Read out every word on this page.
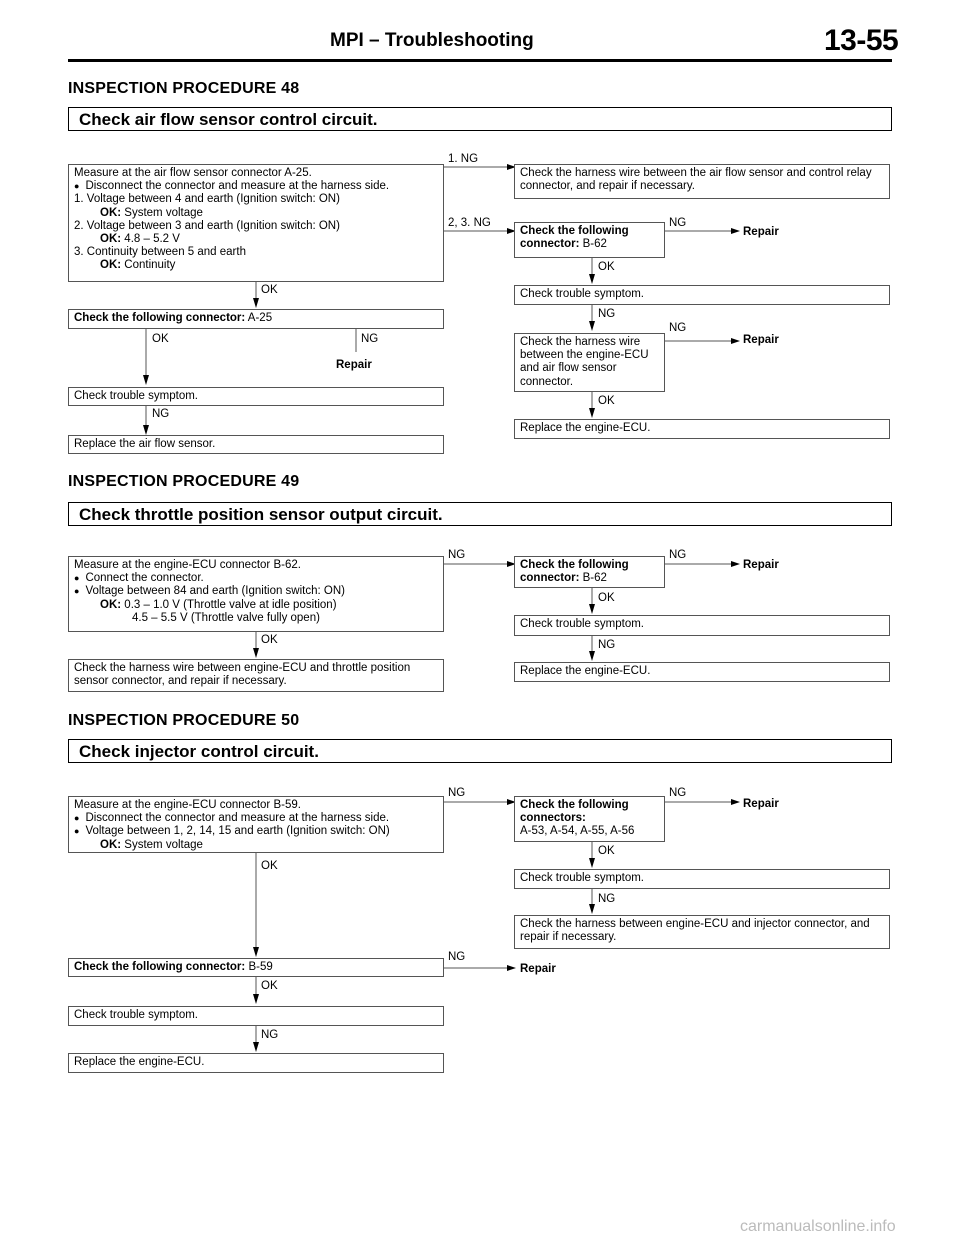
MPI – Troubleshooting	13-55
INSPECTION PROCEDURE 48
Check air flow sensor control circuit.
Measure at the air flow sensor connector A-25.
● Disconnect the connector and measure at the harness side.
1. Voltage between 4 and earth (Ignition switch: ON)
OK: System voltage
2. Voltage between 3 and earth (Ignition switch: ON)
OK: 4.8 – 5.2 V
3. Continuity between 5 and earth
OK: Continuity
1. NG
Check the harness wire between the air flow sensor and control relay connector, and repair if necessary.
2, 3. NG
Check the following connector: B-62
NG
Repair
OK
Check trouble symptom.
NG
Check the harness wire between the engine-ECU and air flow sensor connector.
NG
Repair
OK
Replace the engine-ECU.
OK
Check the following connector: A-25
OK	NG
Repair
Check trouble symptom.
NG
Replace the air flow sensor.
INSPECTION PROCEDURE 49
Check throttle position sensor output circuit.
Measure at the engine-ECU connector B-62.
● Connect the connector.
● Voltage between 84 and earth (Ignition switch: ON)
OK: 0.3 – 1.0 V (Throttle valve at idle position)
4.5 – 5.5 V (Throttle valve fully open)
NG
Check the following connector: B-62
NG
Repair
OK
Check trouble symptom.
NG
Replace the engine-ECU.
OK
Check the harness wire between engine-ECU and throttle position sensor connector, and repair if necessary.
INSPECTION PROCEDURE 50
Check injector control circuit.
Measure at the engine-ECU connector B-59.
● Disconnect the connector and measure at the harness side.
● Voltage between 1, 2, 14, 15 and earth (Ignition switch: ON)
OK: System voltage
NG
Check the following connectors:
A-53, A-54, A-55, A-56
NG
Repair
OK
Check trouble symptom.
NG
Check the harness between engine-ECU and injector connector, and repair if necessary.
OK
Check the following connector: B-59
NG
Repair
OK
Check trouble symptom.
NG
Replace the engine-ECU.
carmanualsonline.info
